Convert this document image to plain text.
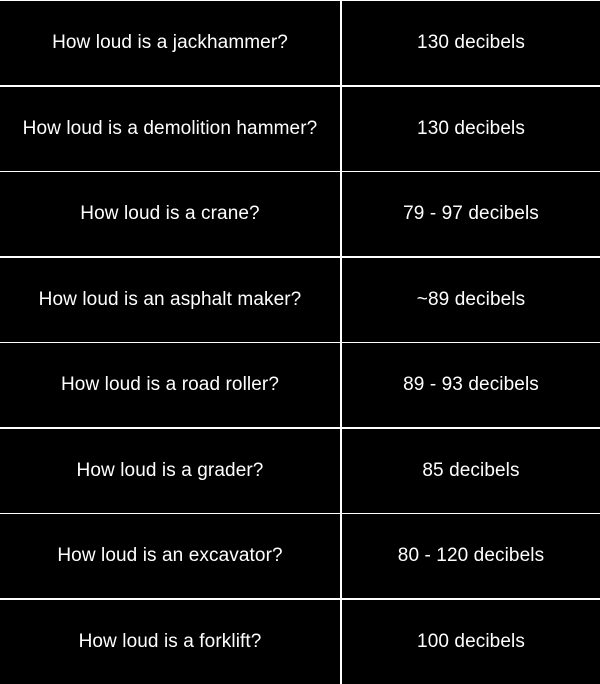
How loud is a jackhammer?	130 decibels
How loud is a demolition hammer?	130 decibels
How loud is a crane?	79 - 97 decibels
How loud is an asphalt maker?	~89 decibels
How loud is a road roller?	89 - 93 decibels
How loud is a grader?	85 decibels
How loud is an excavator?	80 - 120 decibels
How loud is a forklift?	100 decibels
